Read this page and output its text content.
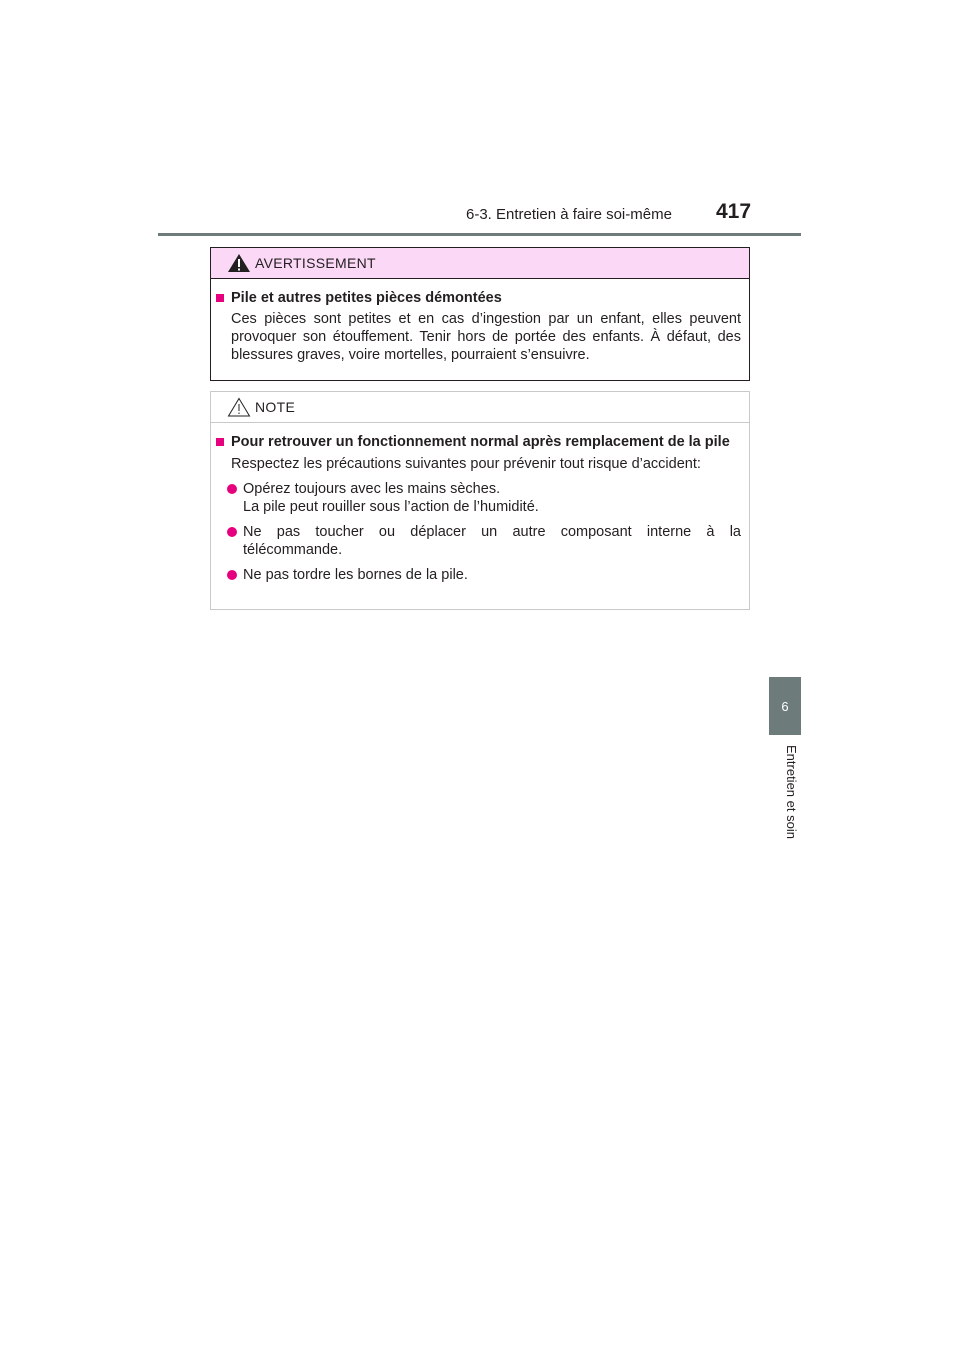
6-3. Entretien à faire soi-même 417
6
Entretien et soin
AVERTISSEMENT
Pile et autres petites pièces démontées
Ces pièces sont petites et en cas d’ingestion par un enfant, elles peuvent provoquer son étouffement. Tenir hors de portée des enfants. À défaut, des blessures graves, voire mortelles, pourraient s’ensuivre.
NOTE
Pour retrouver un fonctionnement normal après remplacement de la pile
Respectez les précautions suivantes pour prévenir tout risque d’accident:
Opérez toujours avec les mains sèches.
La pile peut rouiller sous l’action de l’humidité.
Ne pas toucher ou déplacer un autre composant interne à la
télécommande.
Ne pas tordre les bornes de la pile.
